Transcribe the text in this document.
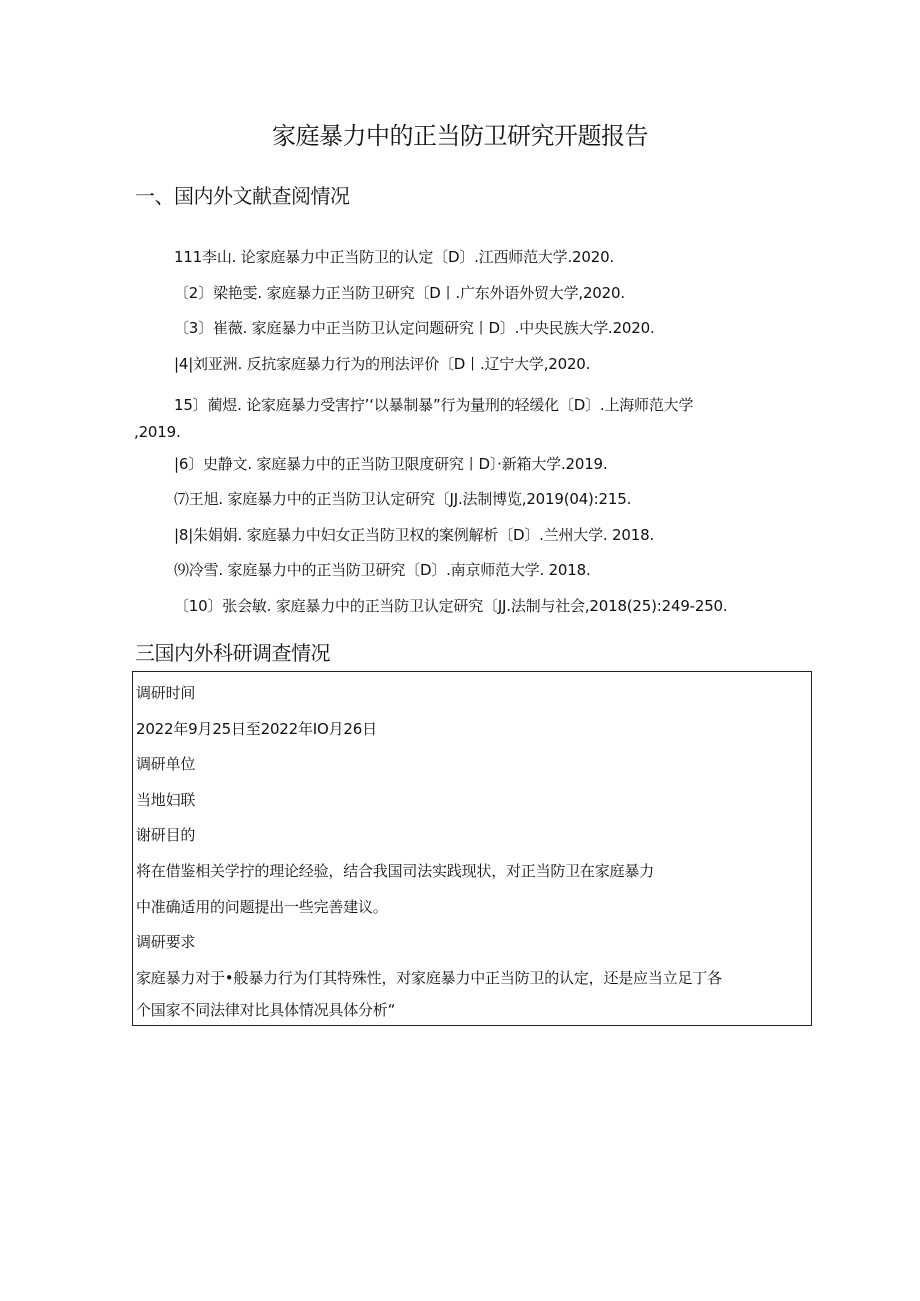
家庭暴力中的正当防卫研究开题报告
一、国内外文献查阅情况
111李山. 论家庭暴力中正当防卫的认定〔D〕.江西师范大学.2020.
〔2〕梁艳雯. 家庭暴力正当防卫研究〔D丨.广东外语外贸大学,2020.
〔3〕崔薇. 家庭暴力中正当防卫认定问题研究丨D〕.中央民族大学.2020.
|4|刘亚洲. 反抗家庭暴力行为的刑法评价〔D丨.辽宁大学,2020.
15〕蔺煜. 论家庭暴力受害拧’‘以暴制暴”行为量刑的轻缓化〔D〕.上海师范大学
,2019.
|6〕史静文. 家庭暴力中的正当防卫限度研究丨D〕·新箱大学.2019.
⑺王旭. 家庭暴力中的正当防卫认定研究〔JJ.法制博览,2019(04):215.
|8|朱娟娟. 家庭暴力中妇女正当防卫权的案例解析〔D〕.兰州大学. 2018.
⑼冷雪. 家庭暴力中的正当防卫研究〔D〕.南京师范大学. 2018.
〔10〕张会敏. 家庭暴力中的正当防卫认定研究〔JJ.法制与社会,2018(25):249-250.
三国内外科研调查情况
调研时间
2022年9月25日至2022年IO月26日
调研单位
当地妇联
谢研目的
将在借鉴相关学拧的理论经验，结合我国司法实践现状，对正当防卫在家庭暴力
中准确适用的问题提出一些完善建议。
调研要求
家庭暴力对于•般暴力行为仃其特殊性，对家庭暴力中正当防卫的认定，还是应当立足丁各
个国家不同法律对比具体情况具体分析“
